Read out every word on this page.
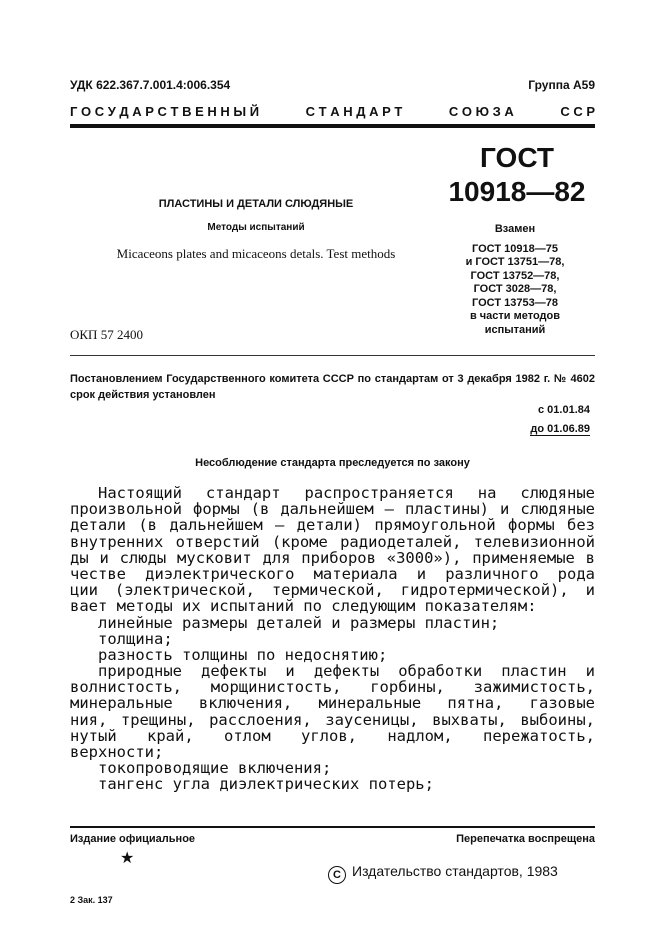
УДК 622.367.7.001.4:006.354	Группа А59
Г О С У Д А Р С Т В Е Н Н Ы Й	С Т А Н Д А Р Т	С О Ю З А	С С Р
ГОСТ
10918—82
ПЛАСТИНЫ И ДЕТАЛИ СЛЮДЯНЫЕ
Методы испытаний
Micaceons plates and micaceons detals. Test methods
Взамен
ГОСТ 10918—75
и ГОСТ 13751—78,
ГОСТ 13752—78,
ГОСТ 3028—78,
ГОСТ 13753—78
в части методов
испытаний
ОКП 57 2400
Постановлением Государственного комитета СССР по стандартам от 3 декабря 1982 г. № 4602 срок действия установлен
с 01.01.84
до 01.06.89
Несоблюдение стандарта преследуется по закону
Настоящий стандарт распространяется на слюдяные
произвольной формы (в дальнейшем — пластины) и слюдяные
детали (в дальнейшем — детали) прямоугольной формы без
внутренних отверстий (кроме радиодеталей, телевизионной
ды и слюды мусковит для приборов «3000»), применяемые в
честве диэлектрического материала и различного рода
ции (электрической, термической, гидротермической), и
вает методы их испытаний по следующим показателям:
линейные размеры деталей и размеры пластин;
толщина;
разность толщины по недоснятию;
природные дефекты и дефекты обработки пластин и
волнистость, морщинистость, горбины, зажимистость,
минеральные включения, минеральные пятна, газовые
ния, трещины, расслоения, заусеницы, выхваты, выбоины,
нутый край, отлом углов, надлом, пережатость,
верхности;
токопроводящие включения;
тангенс угла диэлектрических потерь;
Издание официальное	Перепечатка воспрещена
★
C Издательство стандартов, 1983
2 Зак. 137
